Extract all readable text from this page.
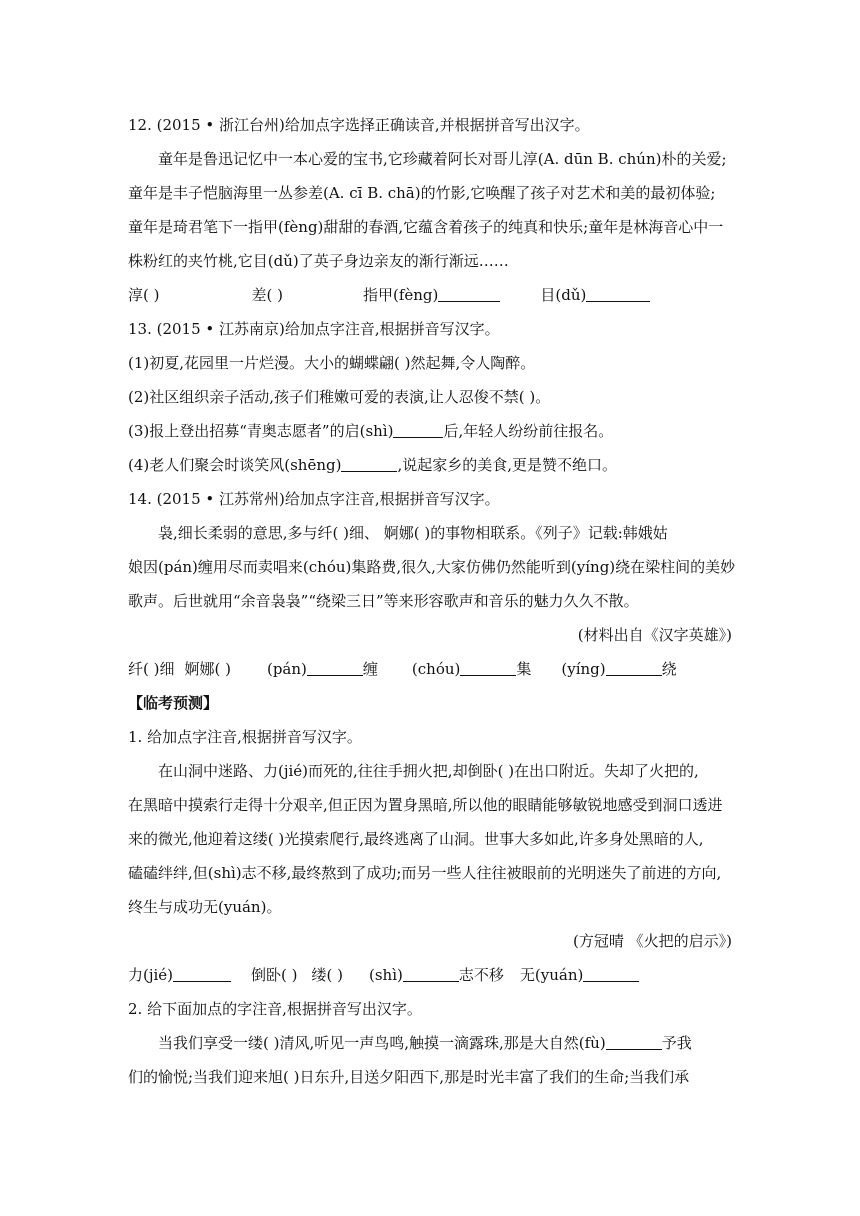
12. (2015 • 浙江台州)给加点字选择正确读音,并根据拼音写出汉字。
童年是鲁迅记忆中一本心爱的宝书,它珍藏着阿长对哥儿淳(A. dūn B. chún)朴的关爱;
童年是丰子恺脑海里一丛参差(A. cī B. chā)的竹影,它唤醒了孩子对艺术和美的最初体验;
童年是琦君笔下一指甲(fèng)甜甜的春酒,它蕴含着孩子的纯真和快乐;童年是林海音心中一
株粉红的夹竹桃,它目(dǔ)了英子身边亲友的渐行渐远……
淳( )	差( )	指甲(fèng)	目(dǔ)
13. (2015 • 江苏南京)给加点字注音,根据拼音写汉字。
(1)初夏,花园里一片烂漫。大小的蝴蝶翩( )然起舞,令人陶醉。
(2)社区组织亲子活动,孩子们稚嫩可爱的表演,让人忍俊不禁( )。
(3)报上登出招募“青奥志愿者”的启(shì)	后,年轻人纷纷前往报名。
(4)老人们聚会时谈笑风(shēng)	,说起家乡的美食,更是赞不绝口。
14. (2015 • 江苏常州)给加点字注音,根据拼音写汉字。
袅,细长柔弱的意思,多与纤( )细、 婀娜( )的事物相联系。《列子》记载:韩娥姑
娘因(pán)缠用尽而卖唱来(chóu)集路费,很久,大家仿佛仍然能听到(yíng)绕在梁柱间的美妙
歌声。后世就用“余音袅袅”“绕梁三日”等来形容歌声和音乐的魅力久久不散。
(材料出自《汉字英雄》)
纤( )细 婀娜( ) (pán)	缠 (chóu)	集 (yíng)	绕
【临考预测】
1. 给加点字注音,根据拼音写汉字。
在山洞中迷路、力(jié)而死的,往往手拥火把,却倒卧( )在出口附近。失却了火把的,
在黑暗中摸索行走得十分艰辛,但正因为置身黑暗,所以他的眼睛能够敏锐地感受到洞口透进
来的微光,他迎着这缕( )光摸索爬行,最终逃离了山洞。世事大多如此,许多身处黑暗的人,
磕磕绊绊,但(shì)志不移,最终熬到了成功;而另一些人往往被眼前的光明迷失了前进的方向,
终生与成功无(yuán)。
(方冠晴 《火把的启示》)
力(jié)	倒卧( ) 缕( ) (shì)	志不移 无(yuán)
2. 给下面加点的字注音,根据拼音写出汉字。
当我们享受一缕( )清风,听见一声鸟鸣,触摸一滴露珠,那是大自然(fù)	予我
们的愉悦;当我们迎来旭( )日东升,目送夕阳西下,那是时光丰富了我们的生命;当我们承
